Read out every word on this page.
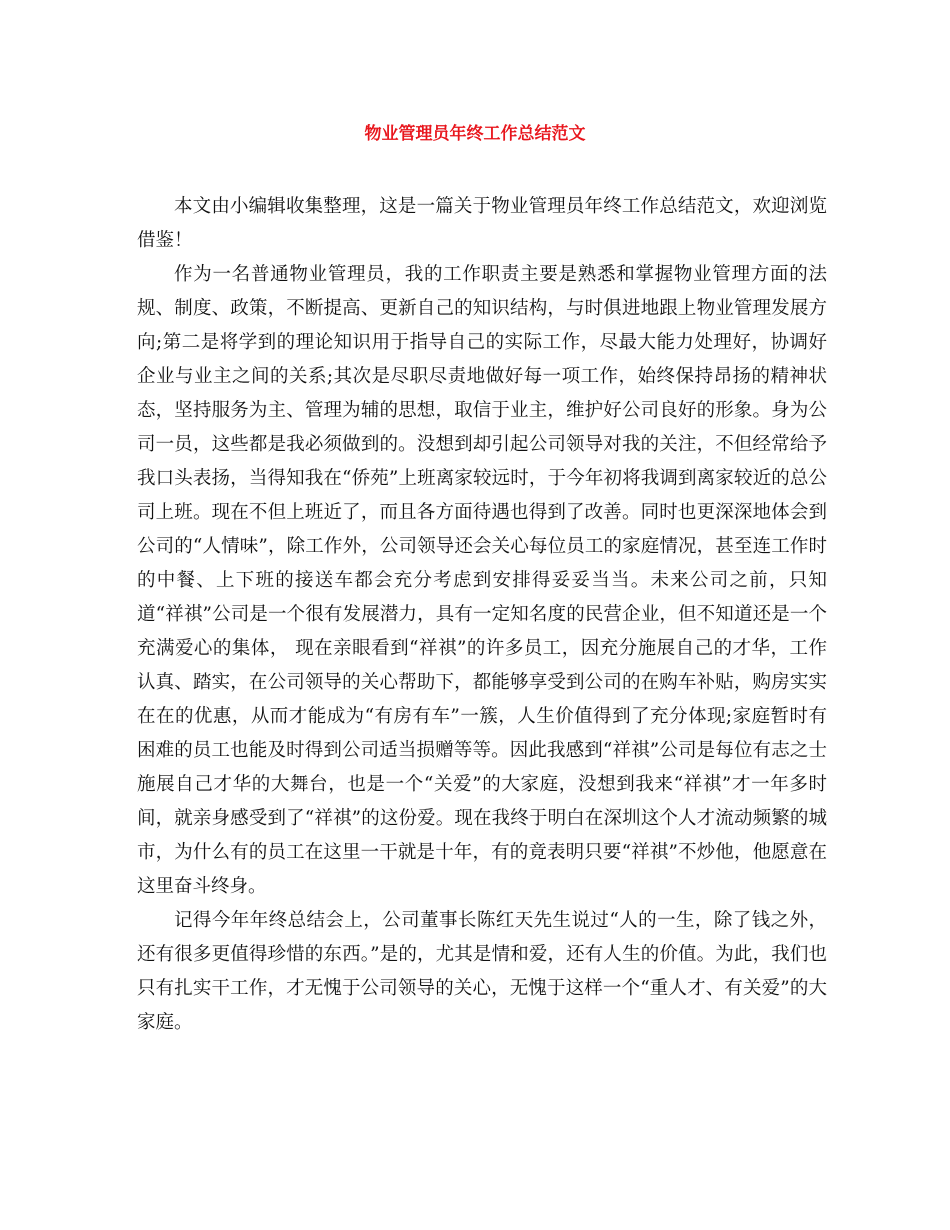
物业管理员年终工作总结范文

本文由小编辑收集整理，这是一篇关于物业管理员年终工作总结范文，欢迎浏览借鉴！

作为一名普通物业管理员，我的工作职责主要是熟悉和掌握物业管理方面的法规、制度、政策，不断提高、更新自己的知识结构，与时俱进地跟上物业管理发展方向;第二是将学到的理论知识用于指导自己的实际工作，尽最大能力处理好，协调好企业与业主之间的关系;其次是尽职尽责地做好每一项工作，始终保持昂扬的精神状态，坚持服务为主、管理为辅的思想，取信于业主，维护好公司良好的形象。身为公司一员，这些都是我必须做到的。没想到却引起公司领导对我的关注，不但经常给予我口头表扬，当得知我在“侨苑”上班离家较远时，于今年初将我调到离家较近的总公司上班。现在不但上班近了，而且各方面待遇也得到了改善。同时也更深深地体会到公司的“人情味”，除工作外，公司领导还会关心每位员工的家庭情况，甚至连工作时的中餐、上下班的接送车都会充分考虑到安排得妥妥当当。未来公司之前，只知道“祥祺”公司是一个很有发展潜力，具有一定知名度的民营企业，但不知道还是一个充满爱心的集体， 现在亲眼看到“祥祺”的许多员工，因充分施展自己的才华，工作认真、踏实，在公司领导的关心帮助下，都能够享受到公司的在购车补贴，购房实实在在的优惠，从而才能成为“有房有车”一簇，人生价值得到了充分体现;家庭暂时有困难的员工也能及时得到公司适当损赠等等。因此我感到“祥祺”公司是每位有志之士施展自己才华的大舞台，也是一个“关爱”的大家庭，没想到我来“祥祺”才一年多时间，就亲身感受到了“祥祺”的这份爱。现在我终于明白在深圳这个人才流动频繁的城市，为什么有的员工在这里一干就是十年，有的竟表明只要“祥祺”不炒他，他愿意在这里奋斗终身。

记得今年年终总结会上，公司董事长陈红天先生说过“人的一生，除了钱之外，还有很多更值得珍惜的东西。”是的，尤其是情和爱，还有人生的价值。为此，我们也只有扎实干工作，才无愧于公司领导的关心，无愧于这样一个“重人才、有关爱”的大家庭。
